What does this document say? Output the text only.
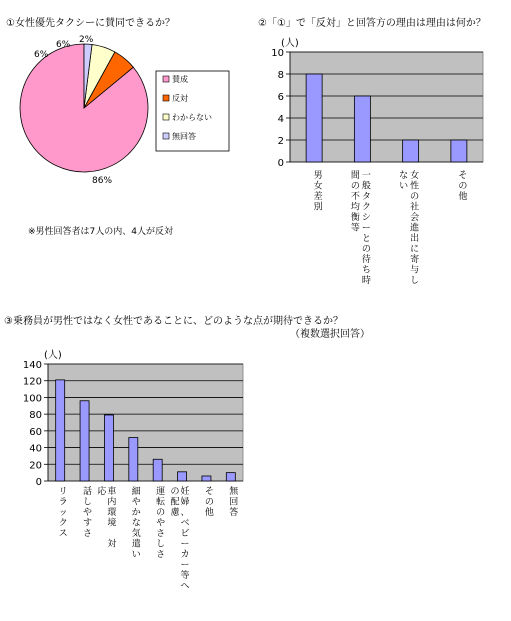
①女性優先タクシーに賛同できるか？	②「①」で「反対」と回答方の理由は理由は何か？
③乗務員が男性ではなく女性であることに、どのような点が期待できるか？
（複数選択回答）
※男性回答者は7人の内、4人が反対
(人)
(人)
86%
6%
6% 2%
賛成
反対
わからない
無回答
0
2
4
6
8
10
男女差別
一般タクシーとの待ち時間の不均衡等
女性の社会進出に寄与しない
その他
0
20
40
60
80
100
120
140
リラックス
話しやすさ
車内環境　対応	細やかな気遣い
運転のやさしさ
妊婦、ベビーカー等への配慮
その他
無回答
